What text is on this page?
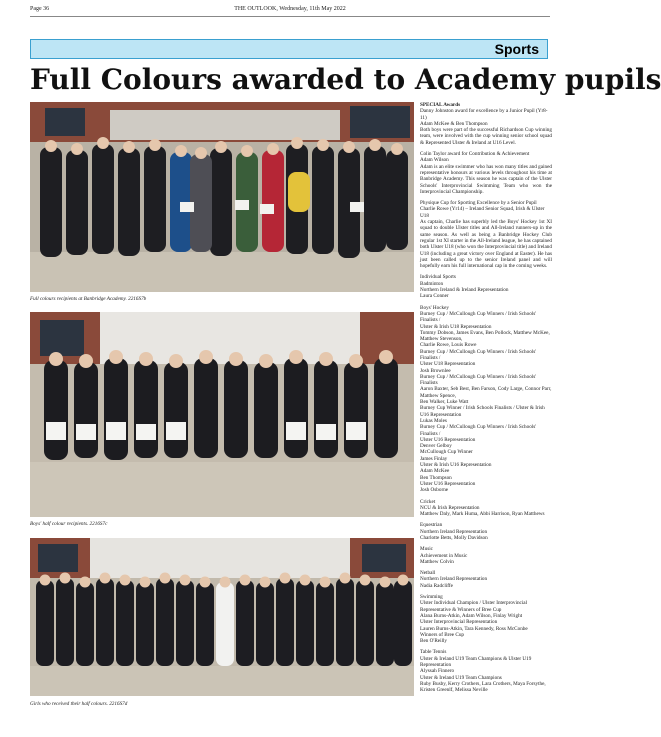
Page 36	THE OUTLOOK, Wednesday, 11th May 2022
Sports
Full Colours awarded to Academy pupils
Full colours recipients at Banbridge Academy. 2216S7b
Boys' half colour recipients. 2216S7c
Girls who received their half colours. 2216S7d

SPECIAL Awards

Danny Johnston award for excellence by a Junior Pupil (Yr8-11)

Adam McKee & Ben Thompson

Both boys were part of the successful Richardson Cup winning team, were involved with the cup winning senior school squad & Represented Ulster & Ireland at U16 Level.

Colin Taylor award for Contribution & Achievement

Adam Wilson

Adam is an elite swimmer who has won many titles and gained representative honours at various levels throughout his time at Banbridge Academy. This season he was captain of the Ulster Schools' Interprovincial Swimming Team who won the Interprovincial Championship.

Physique Cup for Sporting Excellence by a Senior Pupil

Charlie Rowe (Yr14) – Ireland Senior Squad, Irish & Ulster U18

As captain, Charlie has superbly led the Boys' Hockey 1st XI squad to double Ulster titles and All-Ireland runners-up in the same season. As well as being a Banbridge Hockey Club regular 1st XI starter in the All-Ireland league, he has captained both Ulster U18 (who won the Interprovincial title) and Ireland U18 (including a great victory over England at Easter). He has just been called up to the senior Ireland panel and will hopefully earn his full international cap in the coming weeks.

Individual Sports

Badminton

Northern Ireland & Ireland Representation

Laura Conner

Boys' Hockey

Burney Cup / McCullough Cup Winners / Irish Schools' Finalists /

Ulster & Irish U18 Representation

Tommy Dobson, James Evans, Ben Pollock, Matthew McKee, Matthew Stevenson,

Charlie Rowe, Louis Rowe

Burney Cup / McCullough Cup Winners / Irish Schools' Finalists /

Ulster U18 Representation

Josh Brownlee

Burney Cup / McCullough Cup Winners / Irish Schools' Finalists

Aaron Baxter, Seb Best, Ben Farson, Cody Large, Connor Parr, Matthew Spence,

Ben Walker, Luke Watt

Burney Cup Winner / Irish Schools Finalists / Ulster & Irish U16 Representation

Lukas Moles

Burney Cup / McCullough Cup Winners / Irish Schools' Finalists /

Ulster U16 Representation

Denver Gelboy

McCullough Cup Winner

James Finlay

Ulster & Irish U16 Representation

Adam McKee

Ben Thompson

Ulster U16 Representation

Josh Osborne

Cricket

NCU & Irish Representation

Matthew Daly, Mark Huma, Abbi Harrison, Ryan Matthews

Equestrian

Northern Ireland Representation

Charlotte Betts, Molly Davidson

Music

Achievement in Music

Matthew Colvin

Netball

Northern Ireland Representation

Nadia Radcliffe

Swimming

Ulster Individual Champion / Ulster Interprovincial Representative & Winners of Bree Cup

Alana Burns-Atkin, Adam Wilson, Finlay Wright

Ulster Interprovincial Representation

Lauren Burns-Atkin, Tara Kennedy, Ross McConbe

Winners of Bree Cup

Ben O'Reilly

Table Tennis

Ulster & Ireland U19 Team Champions & Ulster U19 Representation

Alyssah Finnero

Ulster & Ireland U19 Team Champions

Ruby Busby, Kerry Crothers, Lara Crothers, Maya Forsythe,

Kristen Greenlf, Melissa Neville
